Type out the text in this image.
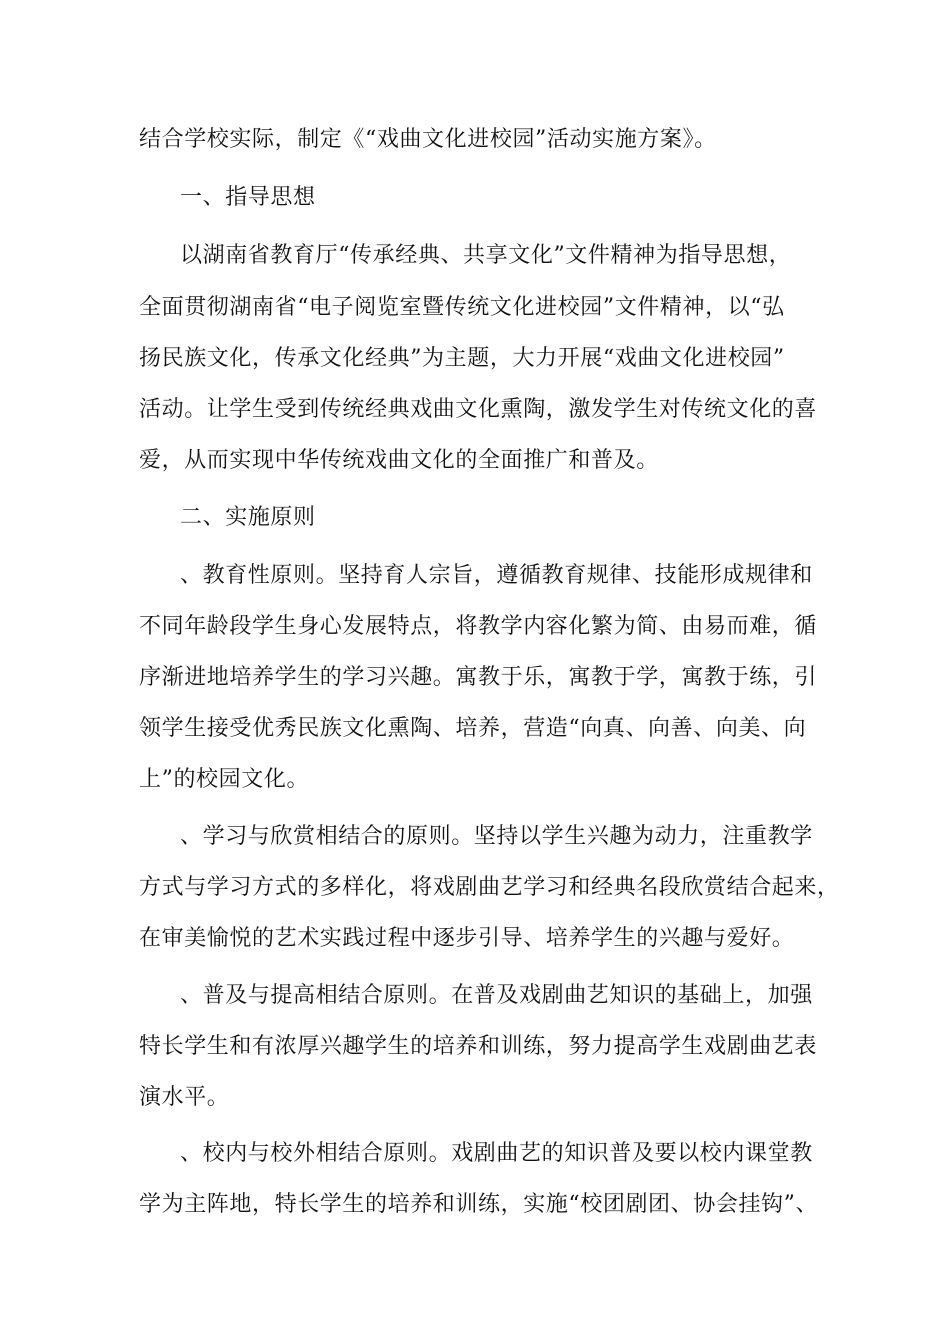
结合学校实际，制定《“戏曲文化进校园”活动实施方案》。
一、指导思想
以湖南省教育厅“传承经典、共享文化”文件精神为指导思想，
全面贯彻湖南省“电子阅览室暨传统文化进校园”文件精神，以“弘
扬民族文化，传承文化经典”为主题，大力开展“戏曲文化进校园”
活动。让学生受到传统经典戏曲文化熏陶，激发学生对传统文化的喜
爱，从而实现中华传统戏曲文化的全面推广和普及。
二、实施原则
、教育性原则。坚持育人宗旨，遵循教育规律、技能形成规律和
不同年龄段学生身心发展特点，将教学内容化繁为简、由易而难，循
序渐进地培养学生的学习兴趣。寓教于乐，寓教于学，寓教于练，引
领学生接受优秀民族文化熏陶、培养，营造“向真、向善、向美、向
上”的校园文化。
、学习与欣赏相结合的原则。坚持以学生兴趣为动力，注重教学
方式与学习方式的多样化，将戏剧曲艺学习和经典名段欣赏结合起来，
在审美愉悦的艺术实践过程中逐步引导、培养学生的兴趣与爱好。
、普及与提高相结合原则。在普及戏剧曲艺知识的基础上，加强
特长学生和有浓厚兴趣学生的培养和训练，努力提高学生戏剧曲艺表
演水平。
、校内与校外相结合原则。戏剧曲艺的知识普及要以校内课堂教
学为主阵地，特长学生的培养和训练，实施“校团剧团、协会挂钩”、
